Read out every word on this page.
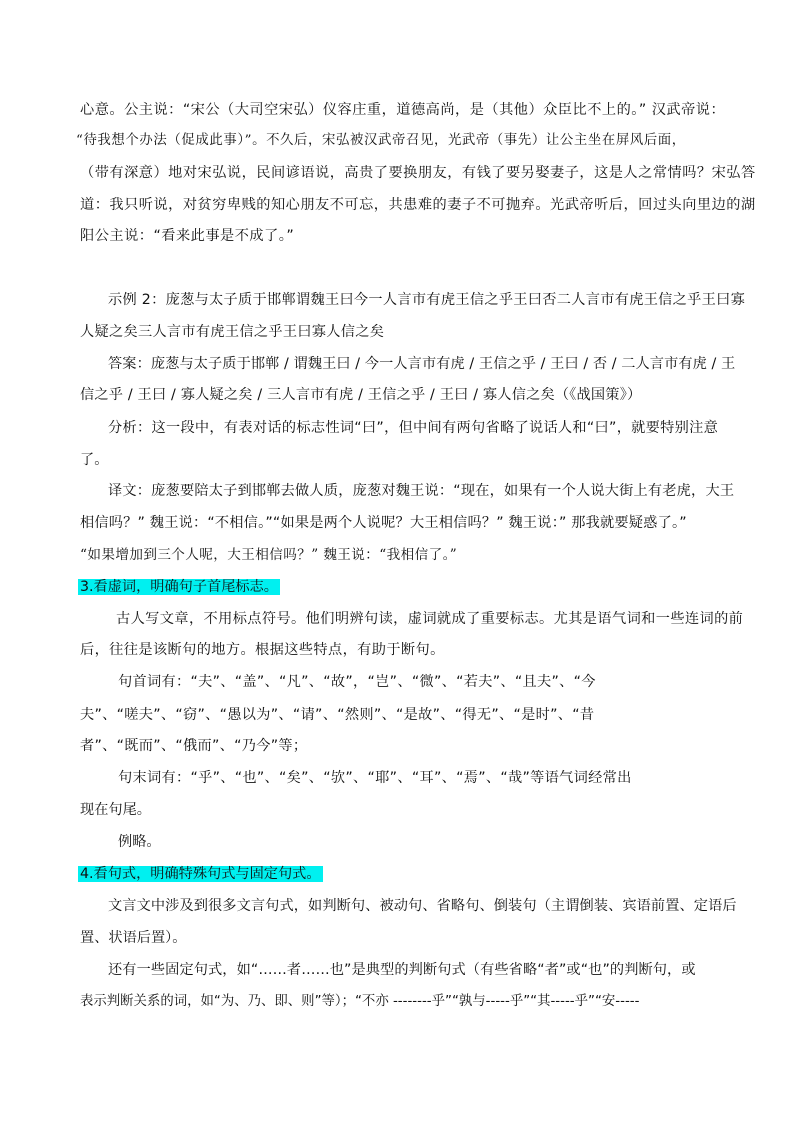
心意。公主说：“宋公（大司空宋弘）仪容庄重，道德高尚，是（其他）众臣比不上的。” 汉武帝说：
“待我想个办法（促成此事）”。不久后，宋弘被汉武帝召见，光武帝（事先）让公主坐在屏风后面，
（带有深意）地对宋弘说，民间谚语说，高贵了要换朋友，有钱了要另娶妻子，这是人之常情吗？宋弘答
道：我只听说，对贫穷卑贱的知心朋友不可忘，共患难的妻子不可抛弃。光武帝听后，回过头向里边的湖
阳公主说：“看来此事是不成了。”
示例 2：庞葱与太子质于邯郸谓魏王曰今一人言市有虎王信之乎王曰否二人言市有虎王信之乎王曰寡
人疑之矣三人言市有虎王信之乎王曰寡人信之矣
答案：庞葱与太子质于邯郸 / 谓魏王曰 / 今一人言市有虎 / 王信之乎 / 王曰 / 否 / 二人言市有虎 / 王
信之乎 / 王曰 / 寡人疑之矣 / 三人言市有虎 / 王信之乎 / 王曰 / 寡人信之矣（《战国策》）
分析：这一段中，有表对话的标志性词“曰”，但中间有两句省略了说话人和“曰”，就要特别注意
了。
译文：庞葱要陪太子到邯郸去做人质，庞葱对魏王说：“现在，如果有一个人说大街上有老虎，大王
相信吗？” 魏王说：“不相信。”“如果是两个人说呢？大王相信吗？” 魏王说：” 那我就要疑惑了。”
“如果增加到三个人呢，大王相信吗？” 魏王说：“我相信了。”
3.看虚词，明确句子首尾标志。
古人写文章，不用标点符号。他们明辨句读，虚词就成了重要标志。尤其是语气词和一些连词的前
后，往往是该断句的地方。根据这些特点，有助于断句。
句首词有：“夫”、“盖”、“凡”、“故”，“岂”、“微”、“若夫”、“且夫”、“今
夫”、“嗟夫”、“窃”、“愚以为”、“请”、“然则”、“是故”、“得无”、“是时”、“昔
者”、“既而”、“俄而”、“乃今”等；
句末词有：“乎”、“也”、“矣”、“欤”、“耶”、“耳”、“焉”、“哉”等语气词经常出
现在句尾。
例略。
4.看句式，明确特殊句式与固定句式。
文言文中涉及到很多文言句式，如判断句、被动句、省略句、倒装句（主谓倒装、宾语前置、定语后
置、状语后置）。
还有一些固定句式，如“……者……也”是典型的判断句式（有些省略“者”或“也”的判断句，或
表示判断关系的词，如“为、乃、即、则”等）；“不亦 --------乎”“孰与-----乎”“其-----乎”“安-----
